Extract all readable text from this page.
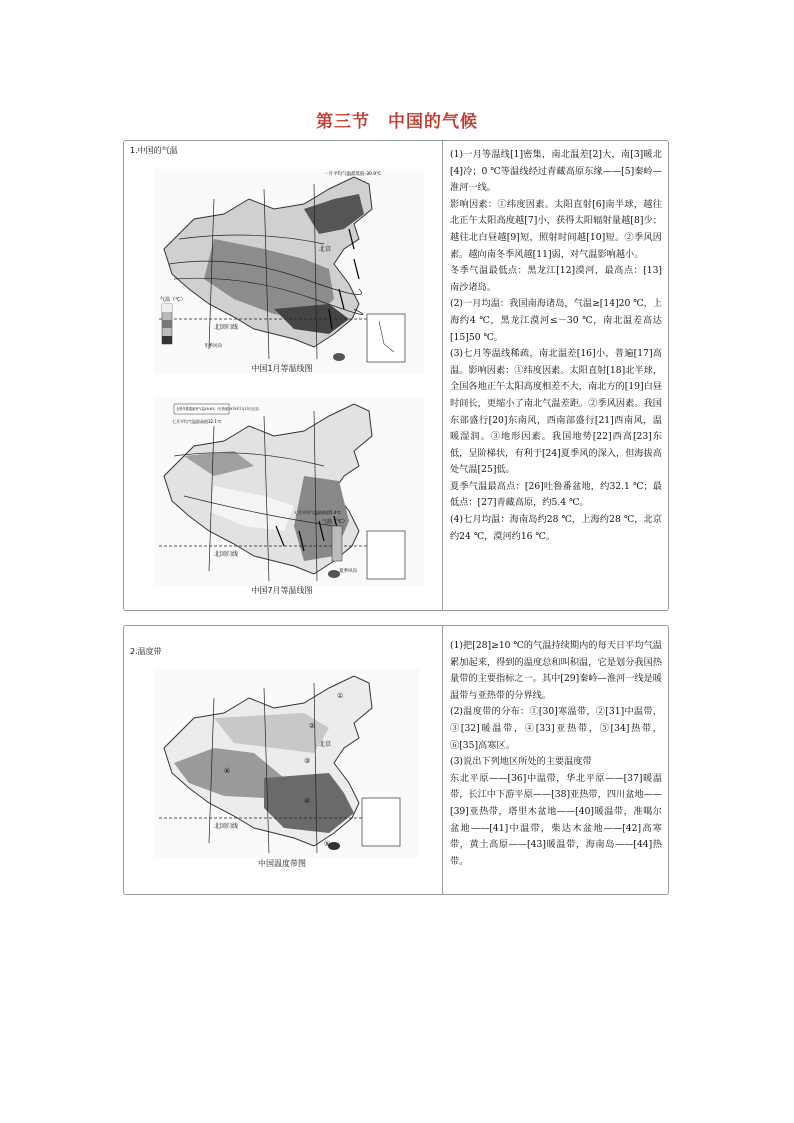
第三节　中国的气候
1.中国的气温
一月平均气温最低值-30.9℃
北回归线
北京
气温（℃）
冬季风向
中国1月等温线图
全国年极端最高气温49.6℃（吐鲁番1975年7月13日记录）
七月平均气温最高值32.1℃
七月平均气温最低值5.4℃
北回归线
气温（℃）
夏季风向
中国7月等温线图

(1)一月等温线[1]密集，南北温差[2]大，南[3]暖北[4]冷；0 ℃等温线经过青藏高原东缘——[5]秦岭—淮河一线。

影响因素：①纬度因素。太阳直射[6]南半球，越往北正午太阳高度越[7]小，获得太阳辐射量越[8]少；越往北白昼越[9]短，照射时间越[10]短。②季风因素。越向南冬季风越[11]弱，对气温影响越小。

冬季气温最低点：黑龙江[12]漠河，最高点：[13]南沙诸岛。

(2)一月均温：我国南海诸岛，气温≥[14]20 ℃，上海约4 ℃，黑龙江漠河≤－30 ℃，南北温差高达[15]50 ℃。

(3)七月等温线稀疏，南北温差[16]小，普遍[17]高温。影响因素：①纬度因素。太阳直射[18]北半球，全国各地正午太阳高度相差不大，南北方的[19]白昼时间长，更缩小了南北气温差距。②季风因素。我国东部盛行[20]东南风，西南部盛行[21]西南风，温暖湿润。③地形因素。我国地势[22]西高[23]东低，呈阶梯状，有利于[24]夏季风的深入，但海拔高处气温[25]低。

夏季气温最高点：[26]吐鲁番盆地，约32.1 ℃；最低点：[27]青藏高原，约5.4 ℃。

(4)七月均温：海南岛约28 ℃，上海约28 ℃，北京约24 ℃，漠河约16 ℃。

2.温度带
①
②
③
④
⑤
⑥
北回归线
北京
中国温度带图

(1)把[28]≥10 ℃的气温持续期内的每天日平均气温累加起来，得到的温度总和叫积温，它是划分我国热量带的主要指标之一。其中[29]秦岭—淮河一线是暖温带与亚热带的分界线。

(2)温度带的分布：①[30]寒温带，②[31]中温带，③[32]暖温带，④[33]亚热带，⑤[34]热带，⑥[35]高寒区。

(3)说出下列地区所处的主要温度带

东北平原——[36]中温带，华北平原——[37]暖温带，长江中下游平原——[38]亚热带，四川盆地——[39]亚热带，塔里木盆地——[40]暖温带，准噶尔盆地——[41]中温带，柴达木盆地——[42]高寒带，黄土高原——[43]暖温带，海南岛——[44]热带。
